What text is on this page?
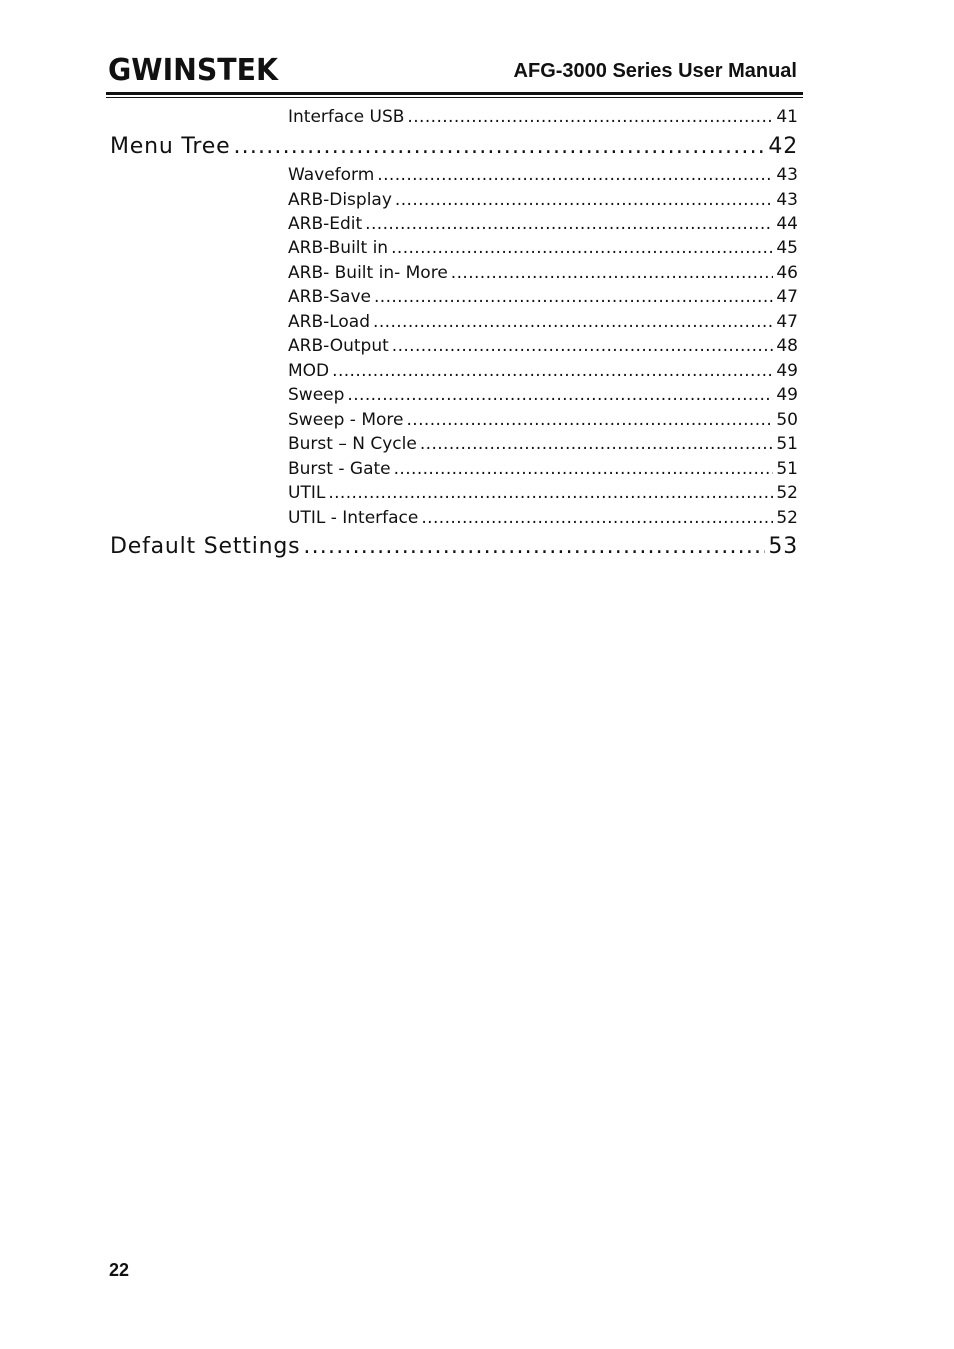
GWINSTEK	AFG-3000 Series User Manual
Interface USB .....	41
Menu Tree .....	42
Waveform .....	43
ARB-Display .....	43
ARB-Edit .....	44
ARB-Built in .....	45
ARB- Built in- More .....	46
ARB-Save .....	47
ARB-Load .....	47
ARB-Output .....	48
MOD .....	49
Sweep .....	49
Sweep - More .....	50
Burst – N Cycle .....	51
Burst - Gate .....	51
UTIL .....	52
UTIL - Interface .....	52
Default Settings .....	53
22
